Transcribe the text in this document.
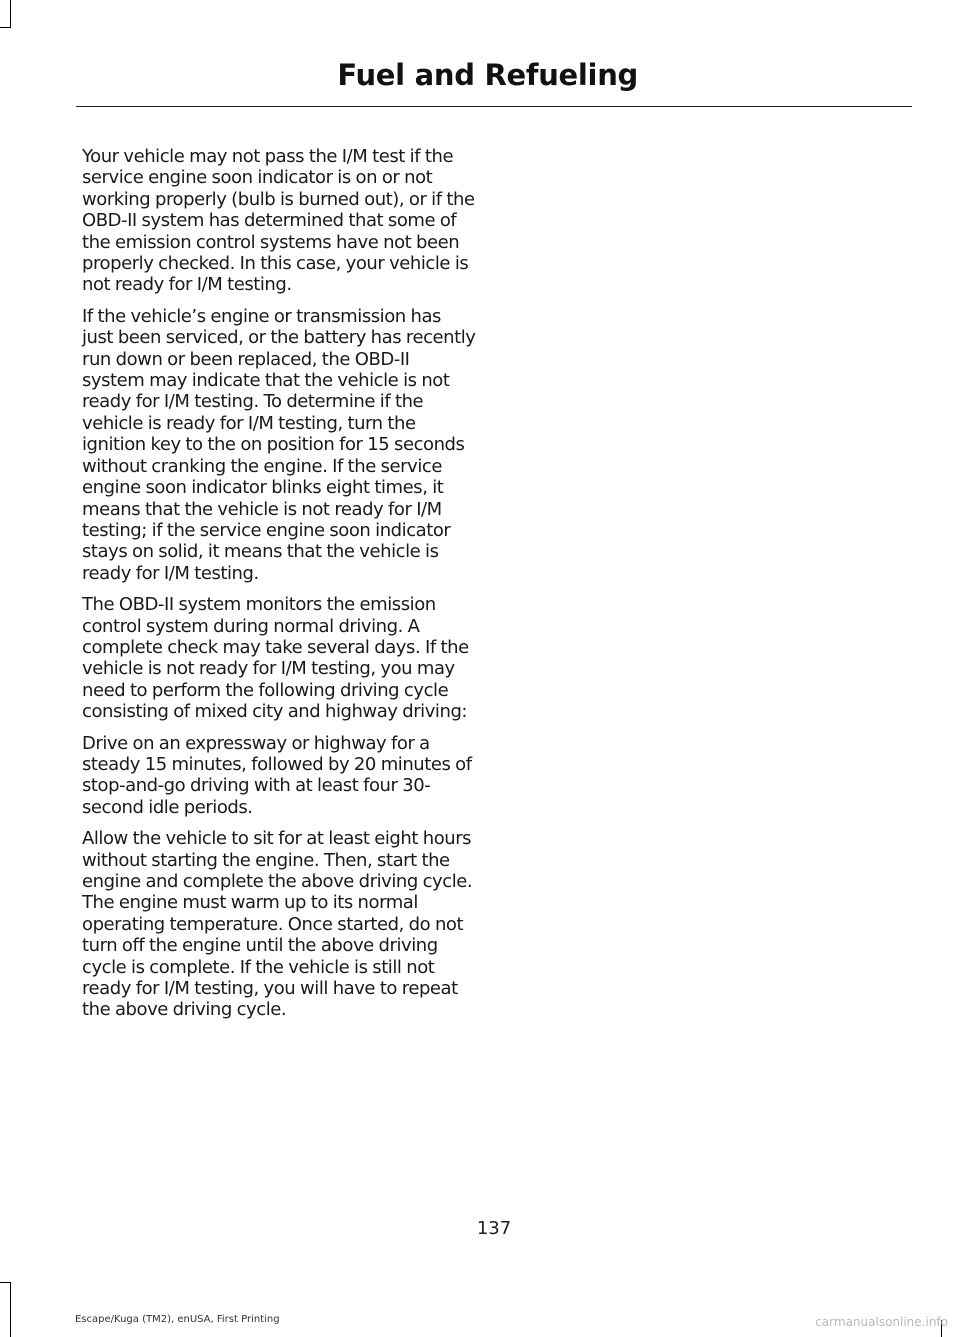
Fuel and Refueling

Your vehicle may not pass the I/M test if the service engine soon indicator is on or not working properly (bulb is burned out), or if the OBD-II system has determined that some of the emission control systems have not been properly checked. In this case, your vehicle is not ready for I/M testing.

If the vehicle’s engine or transmission has just been serviced, or the battery has recently run down or been replaced, the OBD-II system may indicate that the vehicle is not ready for I/M testing. To determine if the vehicle is ready for I/M testing, turn the ignition key to the on position for 15 seconds without cranking the engine. If the service engine soon indicator blinks eight times, it means that the vehicle is not ready for I/M testing; if the service engine soon indicator stays on solid, it means that the vehicle is ready for I/M testing.

The OBD-II system monitors the emission control system during normal driving. A complete check may take several days. If the vehicle is not ready for I/M testing, you may need to perform the following driving cycle consisting of mixed city and highway driving:

Drive on an expressway or highway for a steady 15 minutes, followed by 20 minutes of stop-and-go driving with at least four 30-second idle periods.

Allow the vehicle to sit for at least eight hours without starting the engine. Then, start the engine and complete the above driving cycle. The engine must warm up to its normal operating temperature. Once started, do not turn off the engine until the above driving cycle is complete. If the vehicle is still not ready for I/M testing, you will have to repeat the above driving cycle.

137
Escape/Kuga (TM2), enUSA, First Printing	carmanualsonline.info
